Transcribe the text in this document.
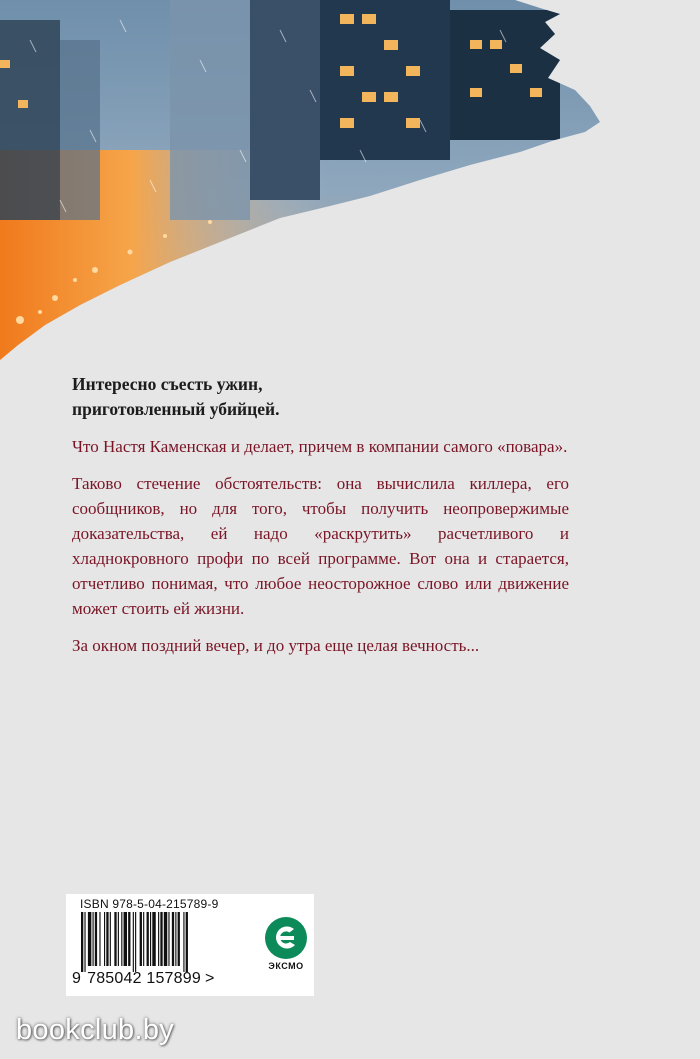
Интересно съесть ужин,
приготовленный убийцей.

Что Настя Каменская и делает, причем в компании самого «повара».

Таково стечение обстоятельств: она вычислила киллера, его сообщников, но для того, чтобы получить неопровержимые доказательства, ей надо «раскрутить» расчетливого и хладнокровного профи по всей программе. Вот она и старается, отчетливо понимая, что любое неосторожное слово или движение может стоить ей жизни.

За окном поздний вечер, и до утра еще целая вечность...

ISBN 978-5-04-215789-9
9 785042 157899 >
ЭКСМО
bookclub.by
